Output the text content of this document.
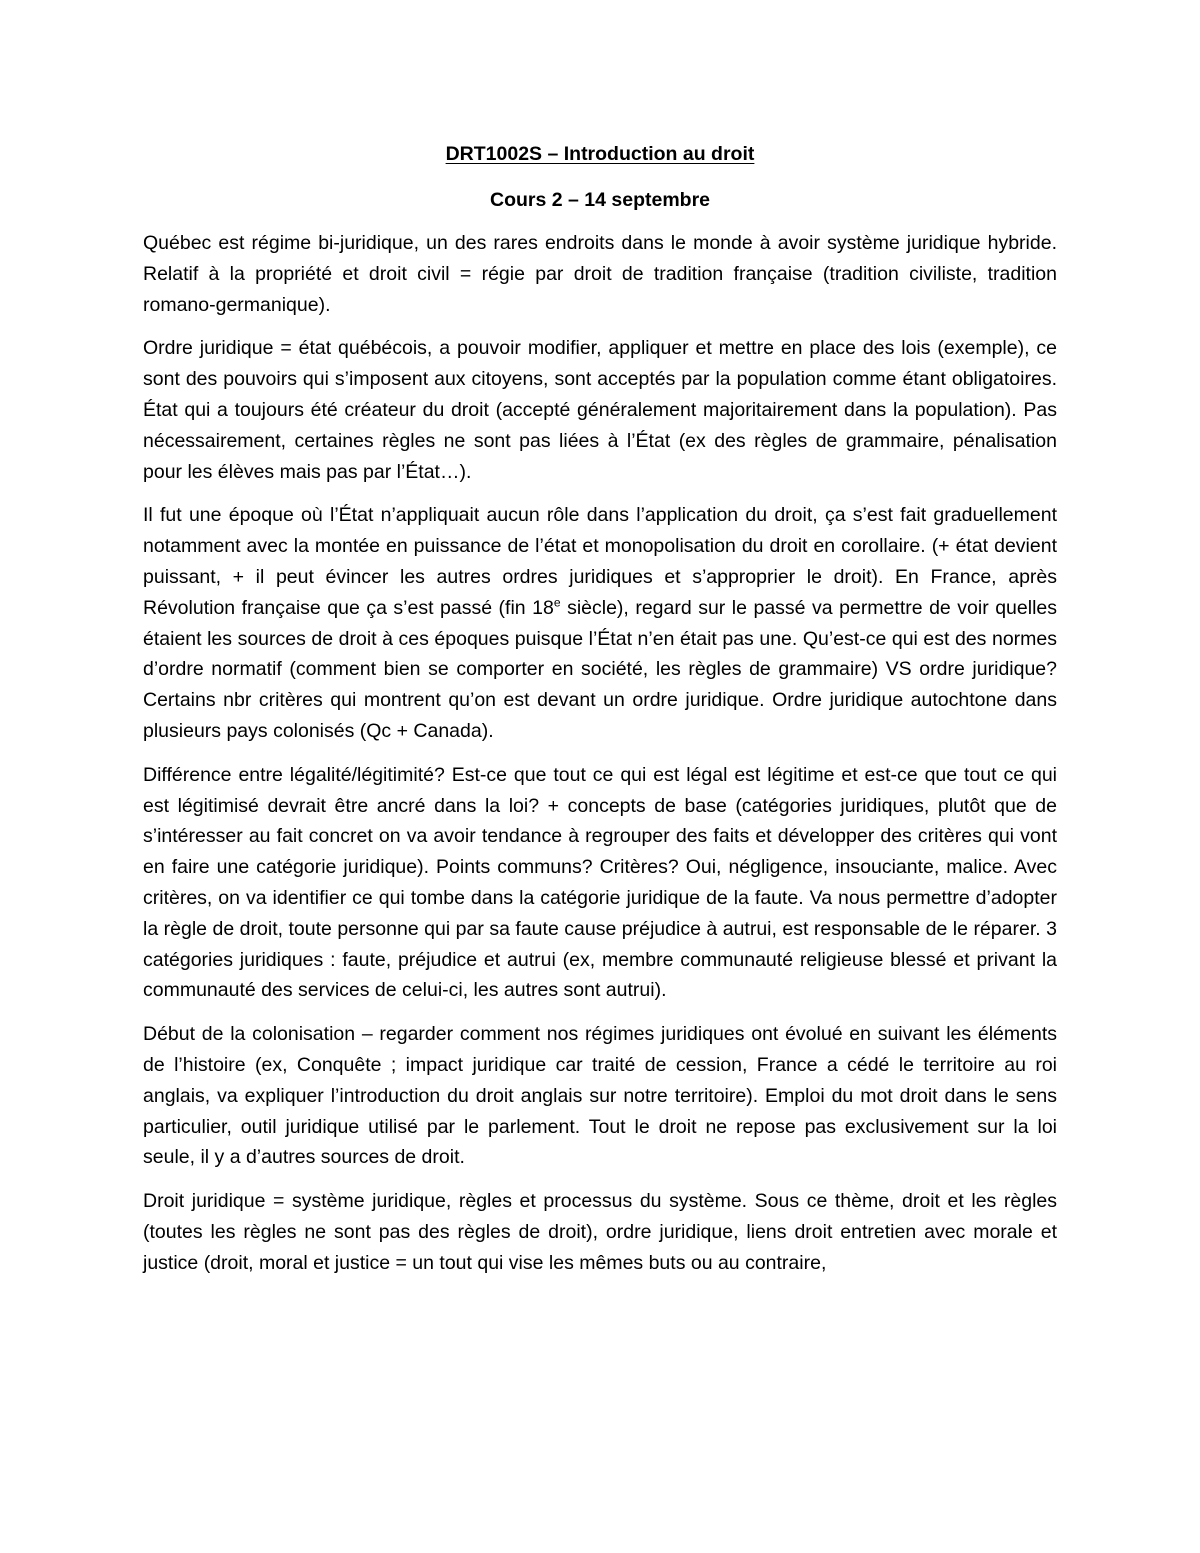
DRT1002S – Introduction au droit
Cours 2 – 14 septembre

Québec est régime bi-juridique, un des rares endroits dans le monde à avoir système juridique hybride. Relatif à la propriété et droit civil = régie par droit de tradition française (tradition civiliste, tradition romano-germanique).

Ordre juridique = état québécois, a pouvoir modifier, appliquer et mettre en place des lois (exemple), ce sont des pouvoirs qui s’imposent aux citoyens, sont acceptés par la population comme étant obligatoires. État qui a toujours été créateur du droit (accepté généralement majoritairement dans la population). Pas nécessairement, certaines règles ne sont pas liées à l’État (ex des règles de grammaire, pénalisation pour les élèves mais pas par l’État…).

Il fut une époque où l’État n’appliquait aucun rôle dans l’application du droit, ça s’est fait graduellement notamment avec la montée en puissance de l’état et monopolisation du droit en corollaire. (+ état devient puissant, + il peut évincer les autres ordres juridiques et s’approprier le droit). En France, après Révolution française que ça s’est passé (fin 18e siècle), regard sur le passé va permettre de voir quelles étaient les sources de droit à ces époques puisque l’État n’en était pas une. Qu’est-ce qui est des normes d’ordre normatif (comment bien se comporter en société, les règles de grammaire) VS ordre juridique? Certains nbr critères qui montrent qu’on est devant un ordre juridique. Ordre juridique autochtone dans plusieurs pays colonisés (Qc + Canada).

Différence entre légalité/légitimité? Est-ce que tout ce qui est légal est légitime et est-ce que tout ce qui est légitimisé devrait être ancré dans la loi? + concepts de base (catégories juridiques, plutôt que de s’intéresser au fait concret on va avoir tendance à regrouper des faits et développer des critères qui vont en faire une catégorie juridique). Points communs? Critères? Oui, négligence, insouciante, malice. Avec critères, on va identifier ce qui tombe dans la catégorie juridique de la faute. Va nous permettre d’adopter la règle de droit, toute personne qui par sa faute cause préjudice à autrui, est responsable de le réparer. 3 catégories juridiques : faute, préjudice et autrui (ex, membre communauté religieuse blessé et privant la communauté des services de celui-ci, les autres sont autrui).

Début de la colonisation – regarder comment nos régimes juridiques ont évolué en suivant les éléments de l’histoire (ex, Conquête ; impact juridique car traité de cession, France a cédé le territoire au roi anglais, va expliquer l’introduction du droit anglais sur notre territoire). Emploi du mot droit dans le sens particulier, outil juridique utilisé par le parlement. Tout le droit ne repose pas exclusivement sur la loi seule, il y a d’autres sources de droit.

Droit juridique = système juridique, règles et processus du système. Sous ce thème, droit et les règles (toutes les règles ne sont pas des règles de droit), ordre juridique, liens droit entretien avec morale et justice (droit, moral et justice = un tout qui vise les mêmes buts ou au contraire,
